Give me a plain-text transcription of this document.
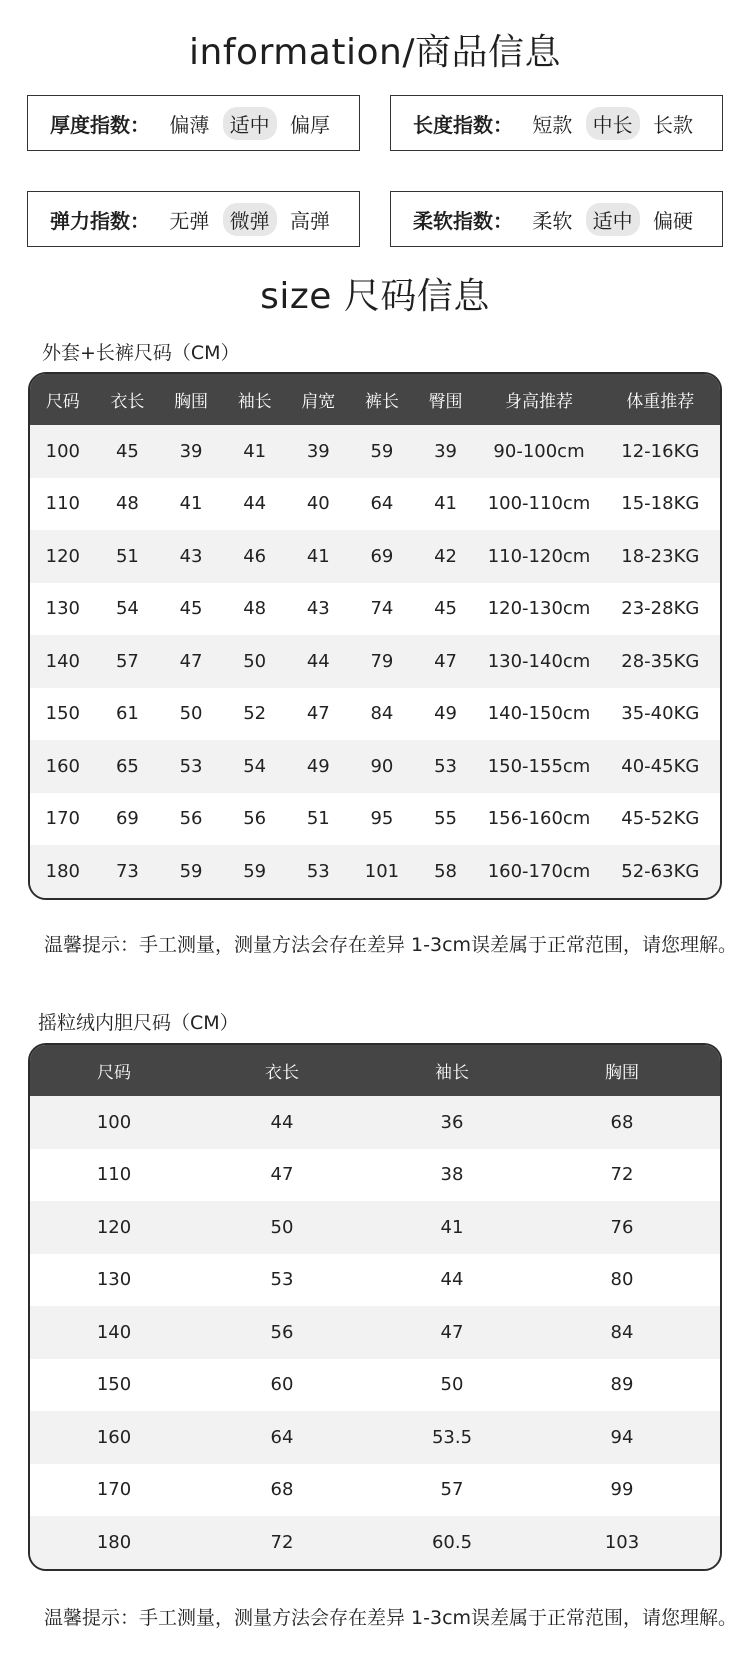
information/商品信息
厚度指数： 偏薄	适中	偏厚	长度指数： 短款	中长	长款
弹力指数： 无弹	微弹	高弹	柔软指数： 柔软	适中	偏硬
size 尺码信息
外套+长裤尺码（CM）
尺码	衣长	胸围	袖长	肩宽	裤长	臀围	身高推荐	体重推荐
100	45	39	41	39	59	39	90-100cm	12-16KG
110	48	41	44	40	64	41	100-110cm	15-18KG
120	51	43	46	41	69	42	110-120cm	18-23KG
130	54	45	48	43	74	45	120-130cm	23-28KG
140	57	47	50	44	79	47	130-140cm	28-35KG
150	61	50	52	47	84	49	140-150cm	35-40KG
160	65	53	54	49	90	53	150-155cm	40-45KG
170	69	56	56	51	95	55	156-160cm	45-52KG
180	73	59	59	53	101	58	160-170cm	52-63KG
温馨提示：手工测量，测量方法会存在差异 1-3cm误差属于正常范围，请您理解。
摇粒绒内胆尺码（CM）
尺码	衣长	袖长	胸围
100	44	36	68
110	47	38	72
120	50	41	76
130	53	44	80
140	56	47	84
150	60	50	89
160	64	53.5	94
170	68	57	99
180	72	60.5	103
温馨提示：手工测量，测量方法会存在差异 1-3cm误差属于正常范围，请您理解。
